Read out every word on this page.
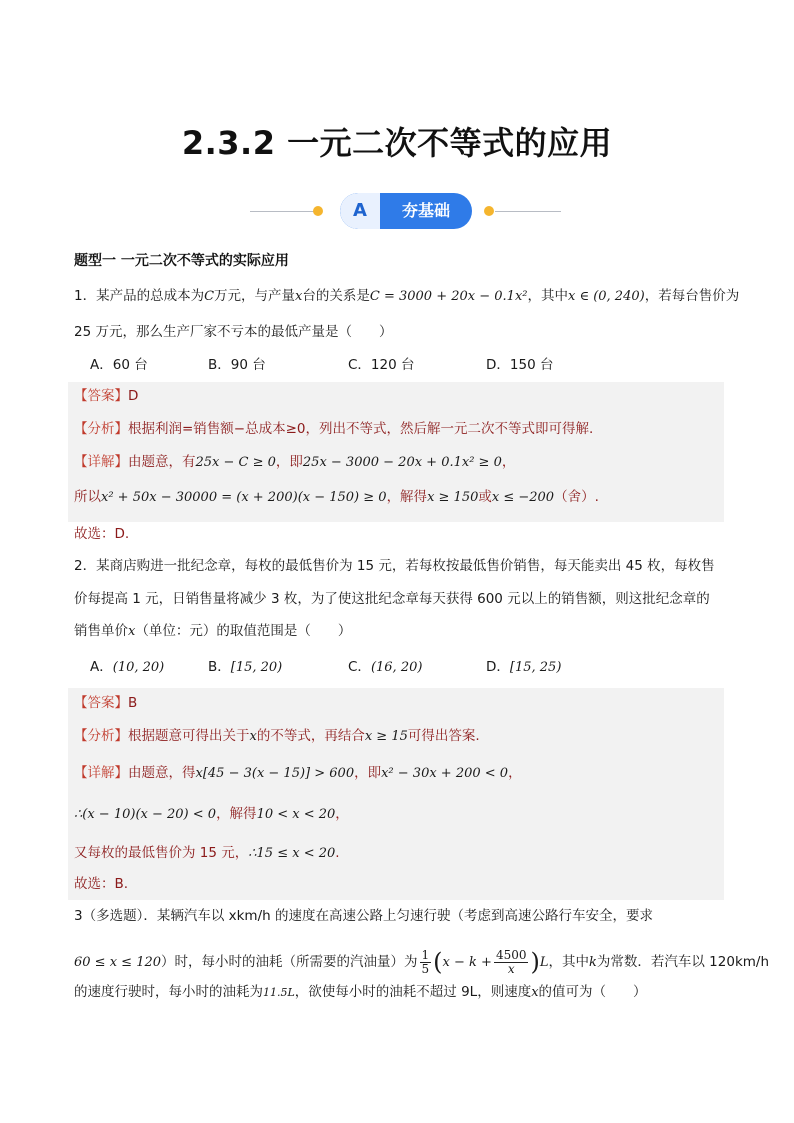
2.3.2 一元二次不等式的应用
A	夯基础
题型一 一元二次不等式的实际应用
1．某产品的总成本为C万元，与产量x台的关系是C = 3000 + 20x − 0.1x²，其中x ∈ (0, 240)，若每台售价为
25 万元，那么生产厂家不亏本的最低产量是（　　）
A．60 台	B．90 台	C．120 台	D．150 台
【答案】D
【分析】根据利润=销售额−总成本≥0，列出不等式，然后解一元二次不等式即可得解.
【详解】由题意，有25x − C ≥ 0，即25x − 3000 − 20x + 0.1x² ≥ 0，
所以x² + 50x − 30000 = (x + 200)(x − 150) ≥ 0，解得x ≥ 150或x ≤ −200（舍）.
故选：D.
2．某商店购进一批纪念章，每枚的最低售价为 15 元，若每枚按最低售价销售，每天能卖出 45 枚，每枚售
价每提高 1 元，日销售量将减少 3 枚，为了使这批纪念章每天获得 600 元以上的销售额，则这批纪念章的
销售单价x（单位：元）的取值范围是（　　）
A．(10, 20)	B．[15, 20)	C．(16, 20)	D．[15, 25)
【答案】B
【分析】根据题意可得出关于x的不等式，再结合x ≥ 15可得出答案.
【详解】由题意，得x[45 − 3(x − 15)] > 600，即x² − 30x + 200 < 0，
∴(x − 10)(x − 20) < 0，解得10 < x < 20，
又每枚的最低售价为 15 元，∴15 ≤ x < 20.
故选：B.
3（多选题）．某辆汽车以 xkm/h 的速度在高速公路上匀速行驶（考虑到高速公路行车安全，要求
60 ≤ x ≤ 120）时，每小时的油耗（所需要的汽油量）为 $\frac{1}{5} (x - k + \frac{4500}{x} )L$，其中k为常数．若汽车以 120km/h
的速度行驶时，每小时的油耗为11.5L，欲使每小时的油耗不超过 9L，则速度x的值可为（　　）
